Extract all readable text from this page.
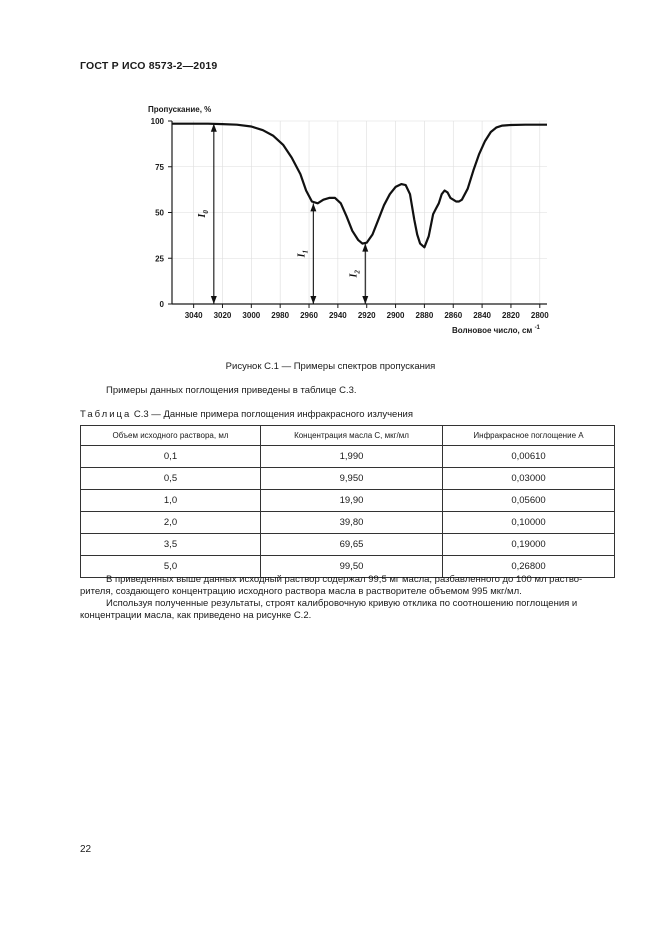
ГОСТ Р ИСО 8573-2—2019
Пропускание, %
0
25
50
75
100
3040 3020 3000 2980 2960 2940 2920 2900 2880 2860 2840 2820 2800
$I_0$
$I_1$
$I_2$
Волновое число, см $^{-1}$
Рисунок С.1 — Примеры спектров пропускания
Примеры данных поглощения приведены в таблице С.3.
Таблица С.3 — Данные примера поглощения инфракрасного излучения
Объем исходного раствора, мл	Концентрация масла С, мкг/мл	Инфракрасное поглощение А
0,1	1,990	0,00610
0,5	9,950	0,03000
1,0	19,90	0,05600
2,0	39,80	0,10000
3,5	69,65	0,19000
5,0	99,50	0,26800
В приведенных выше данных исходный раствор содержал 99,5 мг масла, разбавленного до 100 мл раство-
рителя, создающего концентрацию исходного раствора масла в растворителе объемом 995 мкг/мл.
Используя полученные результаты, строят калибровочную кривую отклика по соотношению поглощения и
концентрации масла, как приведено на рисунке С.2.
22
